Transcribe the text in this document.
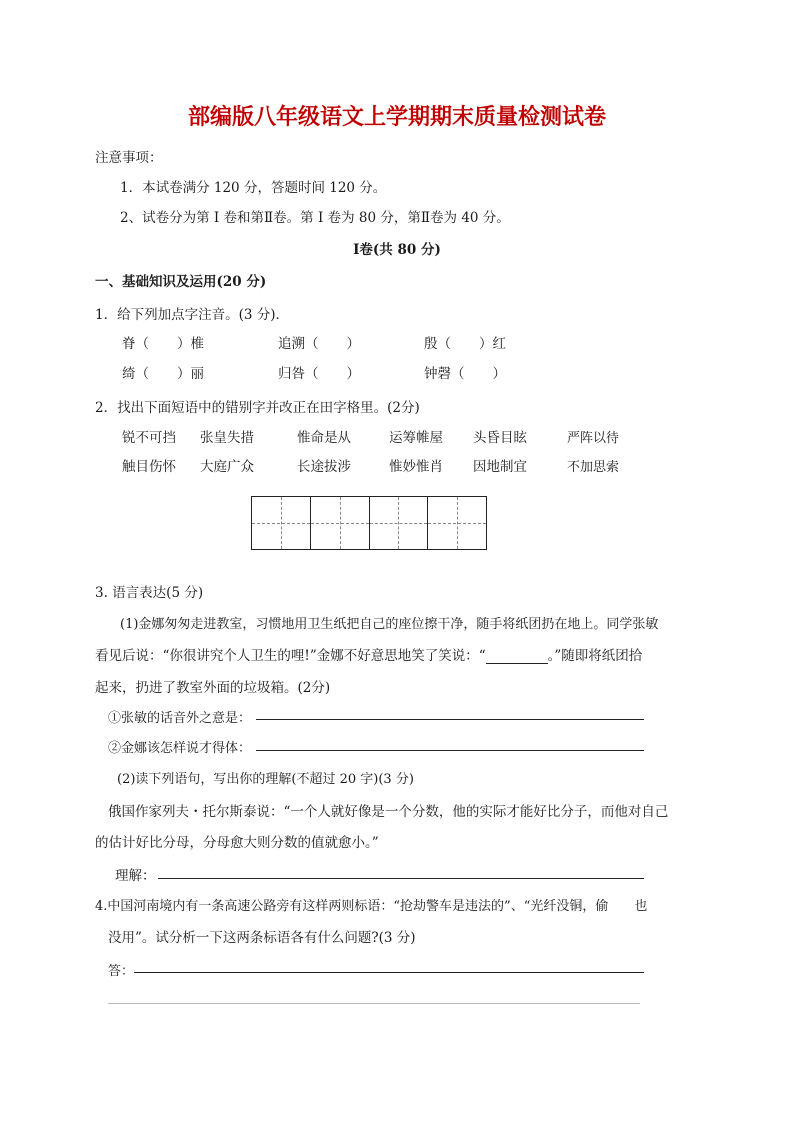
部编版八年级语文上学期期末质量检测试卷
注意事项：
1．本试卷满分 120 分，答题时间 120 分。
2、试卷分为第 Ⅰ 卷和第Ⅱ卷。第 Ⅰ 卷为 80 分，第Ⅱ卷为 40 分。
Ⅰ卷(共 80 分)
一、基础知识及运用(20 分)
1．给下列加点字注音。(3 分)．
脊（ ）椎	追溯（ ）	殷（ ）红
绮（ ）丽	归咎（ ）	钟磬（ ）
2．找出下面短语中的错别字并改正在田字格里。(2分)
锐不可挡 张皇失措	惟命是从	运筹帷屋 头昏目眩	严阵以待
触目伤怀 大庭广众	长途拔涉	惟妙惟肖 因地制宜	不加思索
3. 语言表达(5 分)
(1)金娜匆匆走进教室，习惯地用卫生纸把自己的座位擦干净，随手将纸团扔在地上。同学张敏
看见后说：“你很讲究个人卫生的哩!”金娜不好意思地笑了笑说：“	。”随即将纸团拾
起来，扔进了教室外面的垃圾箱。(2分)
①张敏的话音外之意是：
②金娜该怎样说才得体：
(2)读下列语句，写出你的理解(不超过 20 字)(3 分)
俄国作家列夫・托尔斯泰说：“一个人就好像是一个分数，他的实际才能好比分子，而他对自己
的估计好比分母，分母愈大则分数的值就愈小。”
理解：
4.中国河南境内有一条高速公路旁有这样两则标语：“抢劫警车是违法的”、“光纤没铜，偷　　也
没用”。试分析一下这两条标语各有什么问题?(3 分)
答：
